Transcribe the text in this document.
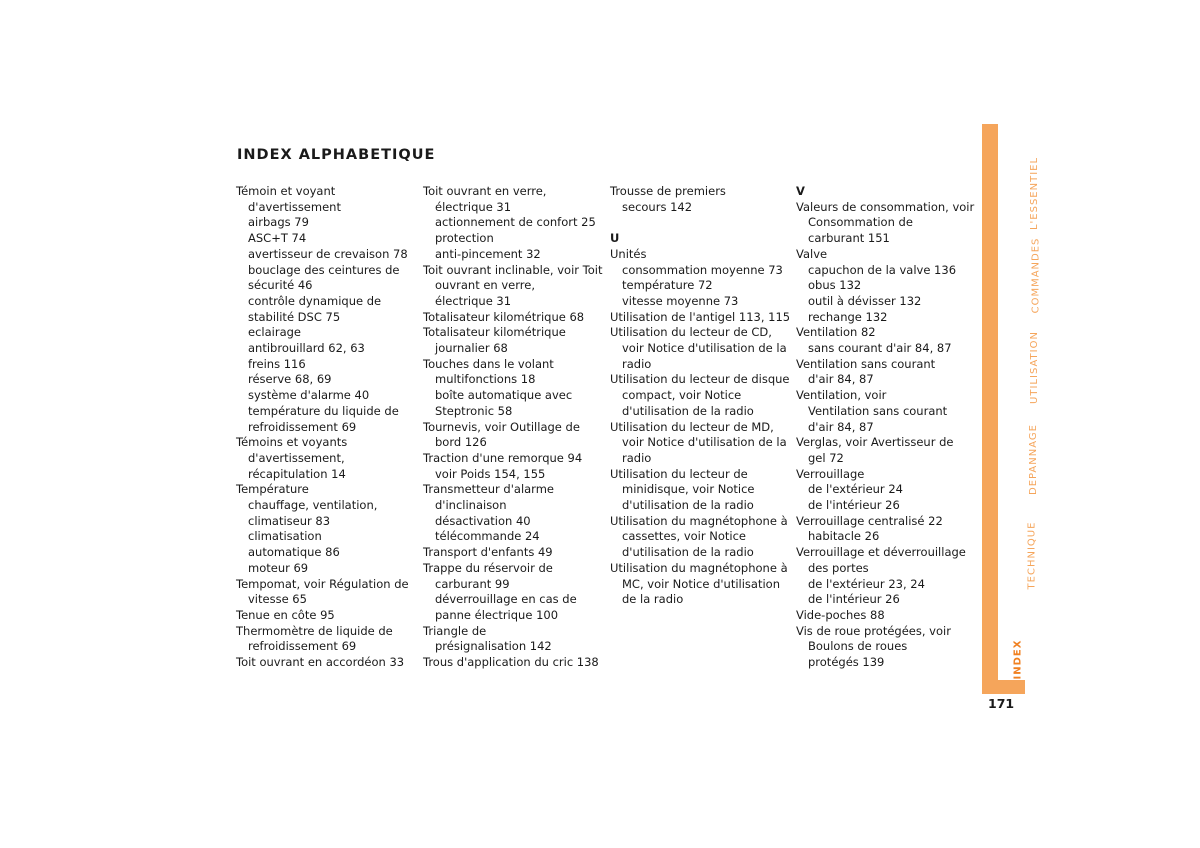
INDEX ALPHABETIQUE
Témoin et voyant
d'avertissement
airbags 79
ASC+T 74
avertisseur de crevaison 78
bouclage des ceintures de
sécurité 46
contrôle dynamique de
stabilité DSC 75
eclairage
antibrouillard 62, 63
freins 116
réserve 68, 69
système d'alarme 40
température du liquide de
refroidissement 69
Témoins et voyants
d'avertissement,
récapitulation 14
Température
chauffage, ventilation,
climatiseur 83
climatisation
automatique 86
moteur 69
Tempomat, voir Régulation de
vitesse 65
Tenue en côte 95
Thermomètre de liquide de
refroidissement 69
Toit ouvrant en accordéon 33
Toit ouvrant en verre,
électrique 31
actionnement de confort 25
protection
anti-pincement 32
Toit ouvrant inclinable, voir Toit
ouvrant en verre,
électrique 31
Totalisateur kilométrique 68
Totalisateur kilométrique
journalier 68
Touches dans le volant
multifonctions 18
boîte automatique avec
Steptronic 58
Tournevis, voir Outillage de
bord 126
Traction d'une remorque 94
voir Poids 154, 155
Transmetteur d'alarme
d'inclinaison
désactivation 40
télécommande 24
Transport d'enfants 49
Trappe du réservoir de
carburant 99
déverrouillage en cas de
panne électrique 100
Triangle de
présignalisation 142
Trous d'application du cric 138
Trousse de premiers
secours 142
U
Unités
consommation moyenne 73
température 72
vitesse moyenne 73
Utilisation de l'antigel 113, 115
Utilisation du lecteur de CD,
voir Notice d'utilisation de la
radio
Utilisation du lecteur de disque
compact, voir Notice
d'utilisation de la radio
Utilisation du lecteur de MD,
voir Notice d'utilisation de la
radio
Utilisation du lecteur de
minidisque, voir Notice
d'utilisation de la radio
Utilisation du magnétophone à
cassettes, voir Notice
d'utilisation de la radio
Utilisation du magnétophone à
MC, voir Notice d'utilisation
de la radio
V
Valeurs de consommation, voir
Consommation de
carburant 151
Valve
capuchon de la valve 136
obus 132
outil à dévisser 132
rechange 132
Ventilation 82
sans courant d'air 84, 87
Ventilation sans courant
d'air 84, 87
Ventilation, voir
Ventilation sans courant
d'air 84, 87
Verglas, voir Avertisseur de
gel 72
Verrouillage
de l'extérieur 24
de l'intérieur 26
Verrouillage centralisé 22
habitacle 26
Verrouillage et déverrouillage
des portes
de l'extérieur 23, 24
de l'intérieur 26
Vide-poches 88
Vis de roue protégées, voir
Boulons de roues
protégés 139
L'ESSENTIEL
COMMANDES
UTILISATION
DEPANNAGE
TECHNIQUE
INDEX
171
